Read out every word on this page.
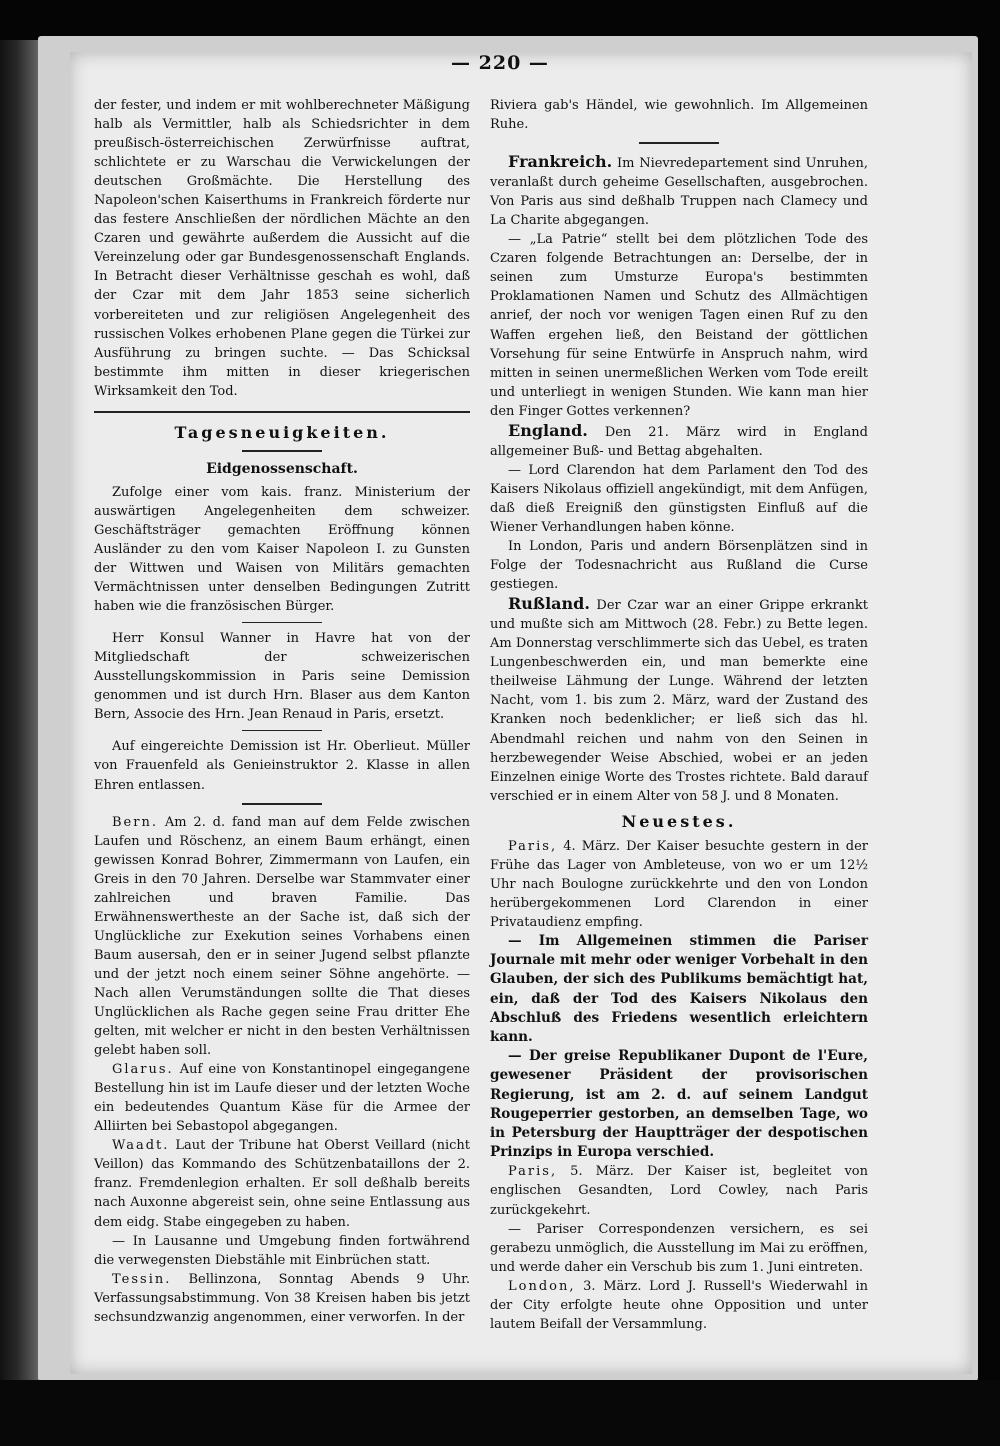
— 220 —

der fester, und indem er mit wohlberechneter Mäßigung halb als Vermittler, halb als Schiedsrichter in dem preußisch-österreichischen Zerwürfnisse auftrat, schlichtete er zu Warschau die Verwickelungen der deutschen Großmächte. Die Herstellung des Napoleon'schen Kaiserthums in Frankreich förderte nur das festere Anschließen der nördlichen Mächte an den Czaren und gewährte außerdem die Aussicht auf die Vereinzelung oder gar Bundesgenossenschaft Englands. In Betracht dieser Verhältnisse geschah es wohl, daß der Czar mit dem Jahr 1853 seine sicherlich vorbereiteten und zur religiösen Angelegenheit des russischen Volkes erhobenen Plane gegen die Türkei zur Ausführung zu bringen suchte. — Das Schicksal bestimmte ihm mitten in dieser kriegerischen Wirksamkeit den Tod.

Tagesneuigkeiten.
Eidgenossenschaft.

Zufolge einer vom kais. franz. Ministerium der auswärtigen Angelegenheiten dem schweizer. Geschäftsträger gemachten Eröffnung können Ausländer zu den vom Kaiser Napoleon I. zu Gunsten der Wittwen und Waisen von Militärs gemachten Vermächtnissen unter denselben Bedingungen Zutritt haben wie die französischen Bürger.

Herr Konsul Wanner in Havre hat von der Mitgliedschaft der schweizerischen Ausstellungskommission in Paris seine Demission genommen und ist durch Hrn. Blaser aus dem Kanton Bern, Associe des Hrn. Jean Renaud in Paris, ersetzt.

Auf eingereichte Demission ist Hr. Oberlieut. Müller von Frauenfeld als Genieinstruktor 2. Klasse in allen Ehren entlassen.

Bern. Am 2. d. fand man auf dem Felde zwischen Laufen und Röschenz, an einem Baum erhängt, einen gewissen Konrad Bohrer, Zimmermann von Laufen, ein Greis in den 70 Jahren. Derselbe war Stammvater einer zahlreichen und braven Familie. Das Erwähnenswertheste an der Sache ist, daß sich der Unglückliche zur Exekution seines Vorhabens einen Baum ausersah, den er in seiner Jugend selbst pflanzte und der jetzt noch einem seiner Söhne angehörte. — Nach allen Verumständungen sollte die That dieses Unglücklichen als Rache gegen seine Frau dritter Ehe gelten, mit welcher er nicht in den besten Verhältnissen gelebt haben soll.

Glarus. Auf eine von Konstantinopel eingegangene Bestellung hin ist im Laufe dieser und der letzten Woche ein bedeutendes Quantum Käse für die Armee der Alliirten bei Sebastopol abgegangen.

Waadt. Laut der Tribune hat Oberst Veillard (nicht Veillon) das Kommando des Schützenbataillons der 2. franz. Fremdenlegion erhalten. Er soll deßhalb bereits nach Auxonne abgereist sein, ohne seine Entlassung aus dem eidg. Stabe eingegeben zu haben.

— In Lausanne und Umgebung finden fortwährend die verwegensten Diebstähle mit Einbrüchen statt.

Tessin. Bellinzona, Sonntag Abends 9 Uhr. Verfassungsabstimmung. Von 38 Kreisen haben bis jetzt sechsundzwanzig angenommen, einer verworfen. In der

Riviera gab's Händel, wie gewohnlich. Im Allgemeinen Ruhe.

Frankreich. Im Nievredepartement sind Unruhen, veranlaßt durch geheime Gesellschaften, ausgebrochen. Von Paris aus sind deßhalb Truppen nach Clamecy und La Charite abgegangen.

— „La Patrie“ stellt bei dem plötzlichen Tode des Czaren folgende Betrachtungen an: Derselbe, der in seinen zum Umsturze Europa's bestimmten Proklamationen Namen und Schutz des Allmächtigen anrief, der noch vor wenigen Tagen einen Ruf zu den Waffen ergehen ließ, den Beistand der göttlichen Vorsehung für seine Entwürfe in Anspruch nahm, wird mitten in seinen unermeßlichen Werken vom Tode ereilt und unterliegt in wenigen Stunden. Wie kann man hier den Finger Gottes verkennen?

England. Den 21. März wird in England allgemeiner Buß- und Bettag abgehalten.

— Lord Clarendon hat dem Parlament den Tod des Kaisers Nikolaus offiziell angekündigt, mit dem Anfügen, daß dieß Ereigniß den günstigsten Einfluß auf die Wiener Verhandlungen haben könne.

In London, Paris und andern Börsenplätzen sind in Folge der Todesnachricht aus Rußland die Curse gestiegen.

Rußland. Der Czar war an einer Grippe erkrankt und mußte sich am Mittwoch (28. Febr.) zu Bette legen. Am Donnerstag verschlimmerte sich das Uebel, es traten Lungenbeschwerden ein, und man bemerkte eine theilweise Lähmung der Lunge. Während der letzten Nacht, vom 1. bis zum 2. März, ward der Zustand des Kranken noch bedenklicher; er ließ sich das hl. Abendmahl reichen und nahm von den Seinen in herzbewegender Weise Abschied, wobei er an jeden Einzelnen einige Worte des Trostes richtete. Bald darauf verschied er in einem Alter von 58 J. und 8 Monaten.

Neuestes.

Paris, 4. März. Der Kaiser besuchte gestern in der Frühe das Lager von Ambleteuse, von wo er um 12½ Uhr nach Boulogne zurückkehrte und den von London herübergekommenen Lord Clarendon in einer Privataudienz empfing.

— Im Allgemeinen stimmen die Pariser Journale mit mehr oder weniger Vorbehalt in den Glauben, der sich des Publikums bemächtigt hat, ein, daß der Tod des Kaisers Nikolaus den Abschluß des Friedens wesentlich erleichtern kann.

— Der greise Republikaner Dupont de l'Eure, gewesener Präsident der provisorischen Regierung, ist am 2. d. auf seinem Landgut Rougeperrier gestorben, an demselben Tage, wo in Petersburg der Hauptträger der despotischen Prinzips in Europa verschied.

Paris, 5. März. Der Kaiser ist, begleitet von englischen Gesandten, Lord Cowley, nach Paris zurückgekehrt.

— Pariser Correspondenzen versichern, es sei gerabezu unmöglich, die Ausstellung im Mai zu eröffnen, und werde daher ein Verschub bis zum 1. Juni eintreten.

London, 3. März. Lord J. Russell's Wiederwahl in der City erfolgte heute ohne Opposition und unter lautem Beifall der Versammlung.
